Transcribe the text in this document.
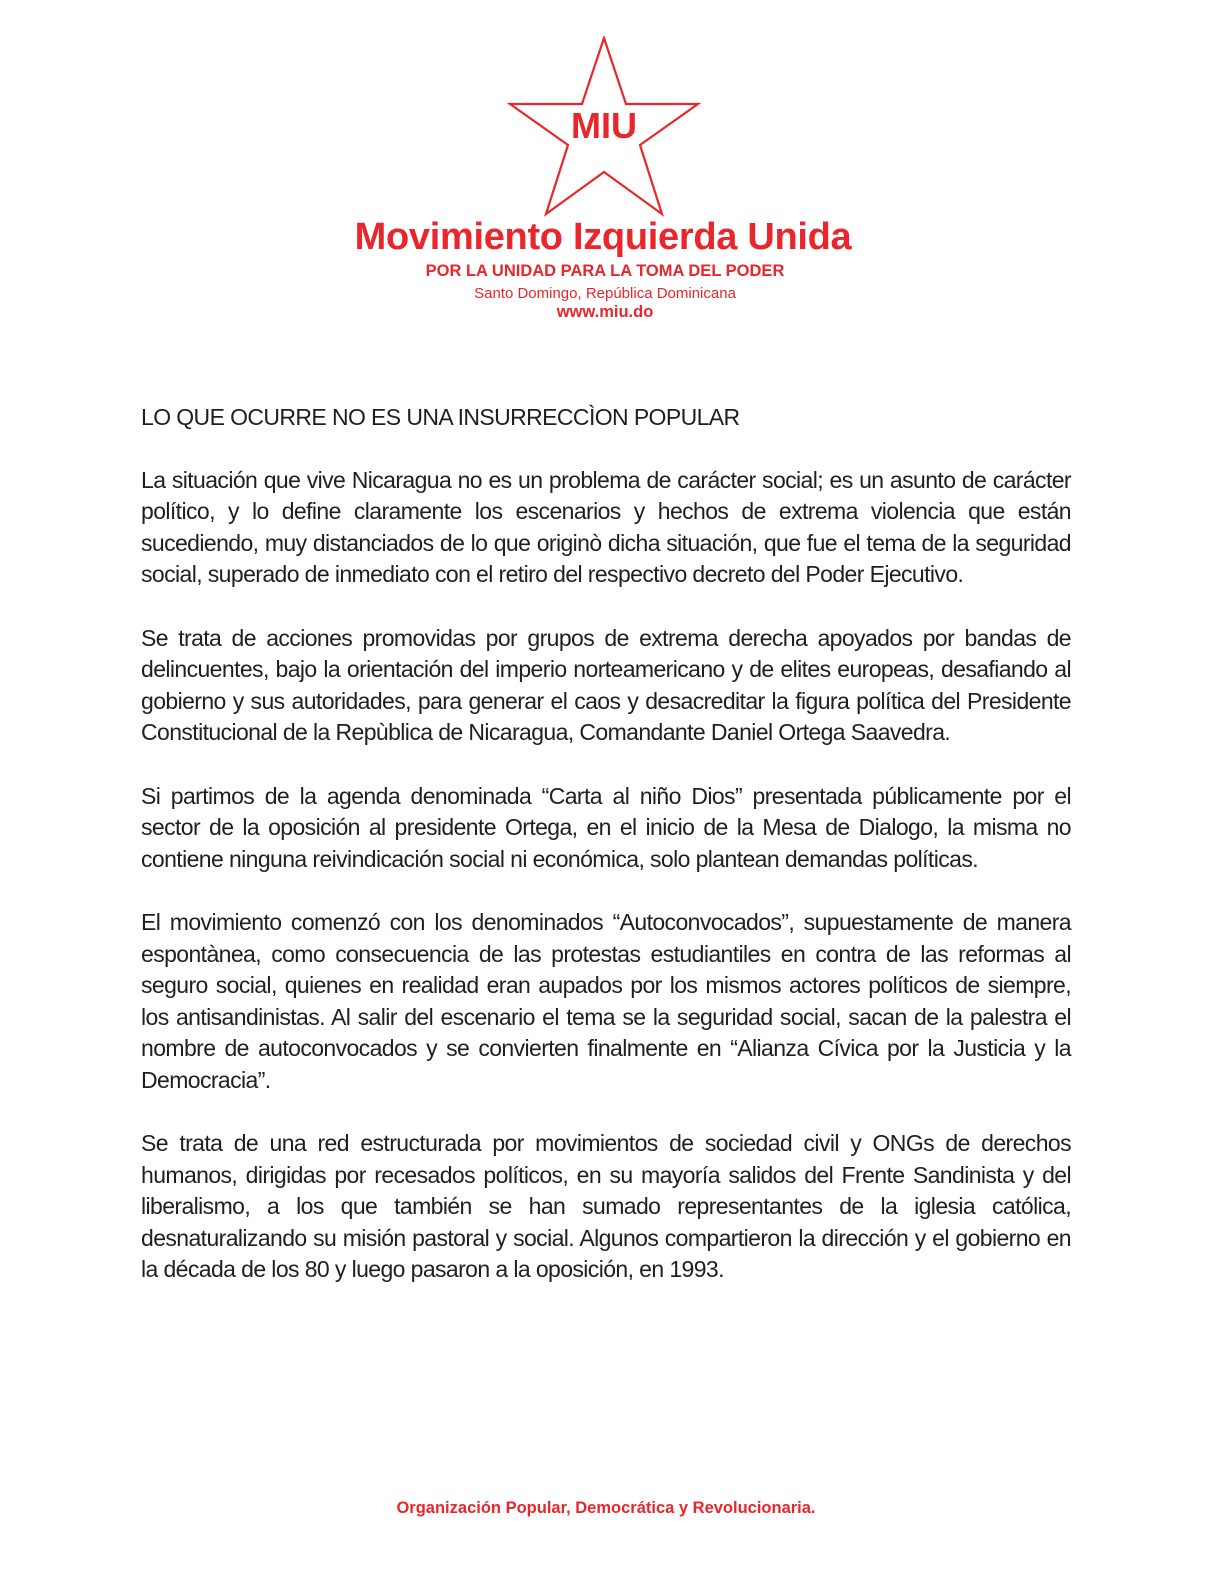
MIU
Movimiento Izquierda Unida
POR LA UNIDAD PARA LA TOMA DEL PODER
Santo Domingo, República Dominicana
www.miu.do
LO QUE OCURRE NO ES UNA INSURRECCÌON POPULAR

La situación que vive Nicaragua no es un problema de carácter social; es un asunto de carácter político, y lo define claramente los escenarios y hechos de extrema violencia que están sucediendo, muy distanciados de lo que originò dicha situación, que fue el tema de la seguridad social, superado de inmediato con el retiro del respectivo decreto del Poder Ejecutivo.

Se trata de acciones promovidas por grupos de extrema derecha apoyados por bandas de delincuentes, bajo la orientación del imperio norteamericano y de elites europeas, desafiando al gobierno y sus autoridades, para generar el caos y desacreditar la figura política del Presidente Constitucional de la Repùblica de Nicaragua, Comandante Daniel Ortega Saavedra.

Si partimos de la agenda denominada “Carta al niño Dios” presentada públicamente por el sector de la oposición al presidente Ortega, en el inicio de la Mesa de Dialogo, la misma no contiene ninguna reivindicación social ni económica, solo plantean demandas políticas.

El movimiento comenzó con los denominados “Autoconvocados”, supuestamente de manera espontànea, como consecuencia de las protestas estudiantiles en contra de las reformas al seguro social, quienes en realidad eran aupados por los mismos actores políticos de siempre, los antisandinistas. Al salir del escenario el tema se la seguridad social, sacan de la palestra el nombre de autoconvocados y se convierten finalmente en “Alianza Cívica por la Justicia y la Democracia”.

Se trata de una red estructurada por movimientos de sociedad civil y ONGs de derechos humanos, dirigidas por recesados políticos, en su mayoría salidos del Frente Sandinista y del liberalismo, a los que también se han sumado representantes de la iglesia católica, desnaturalizando su misión pastoral y social. Algunos compartieron la dirección y el gobierno en la década de los 80 y luego pasaron a la oposición, en 1993.

Organización Popular, Democrática y Revolucionaria.
